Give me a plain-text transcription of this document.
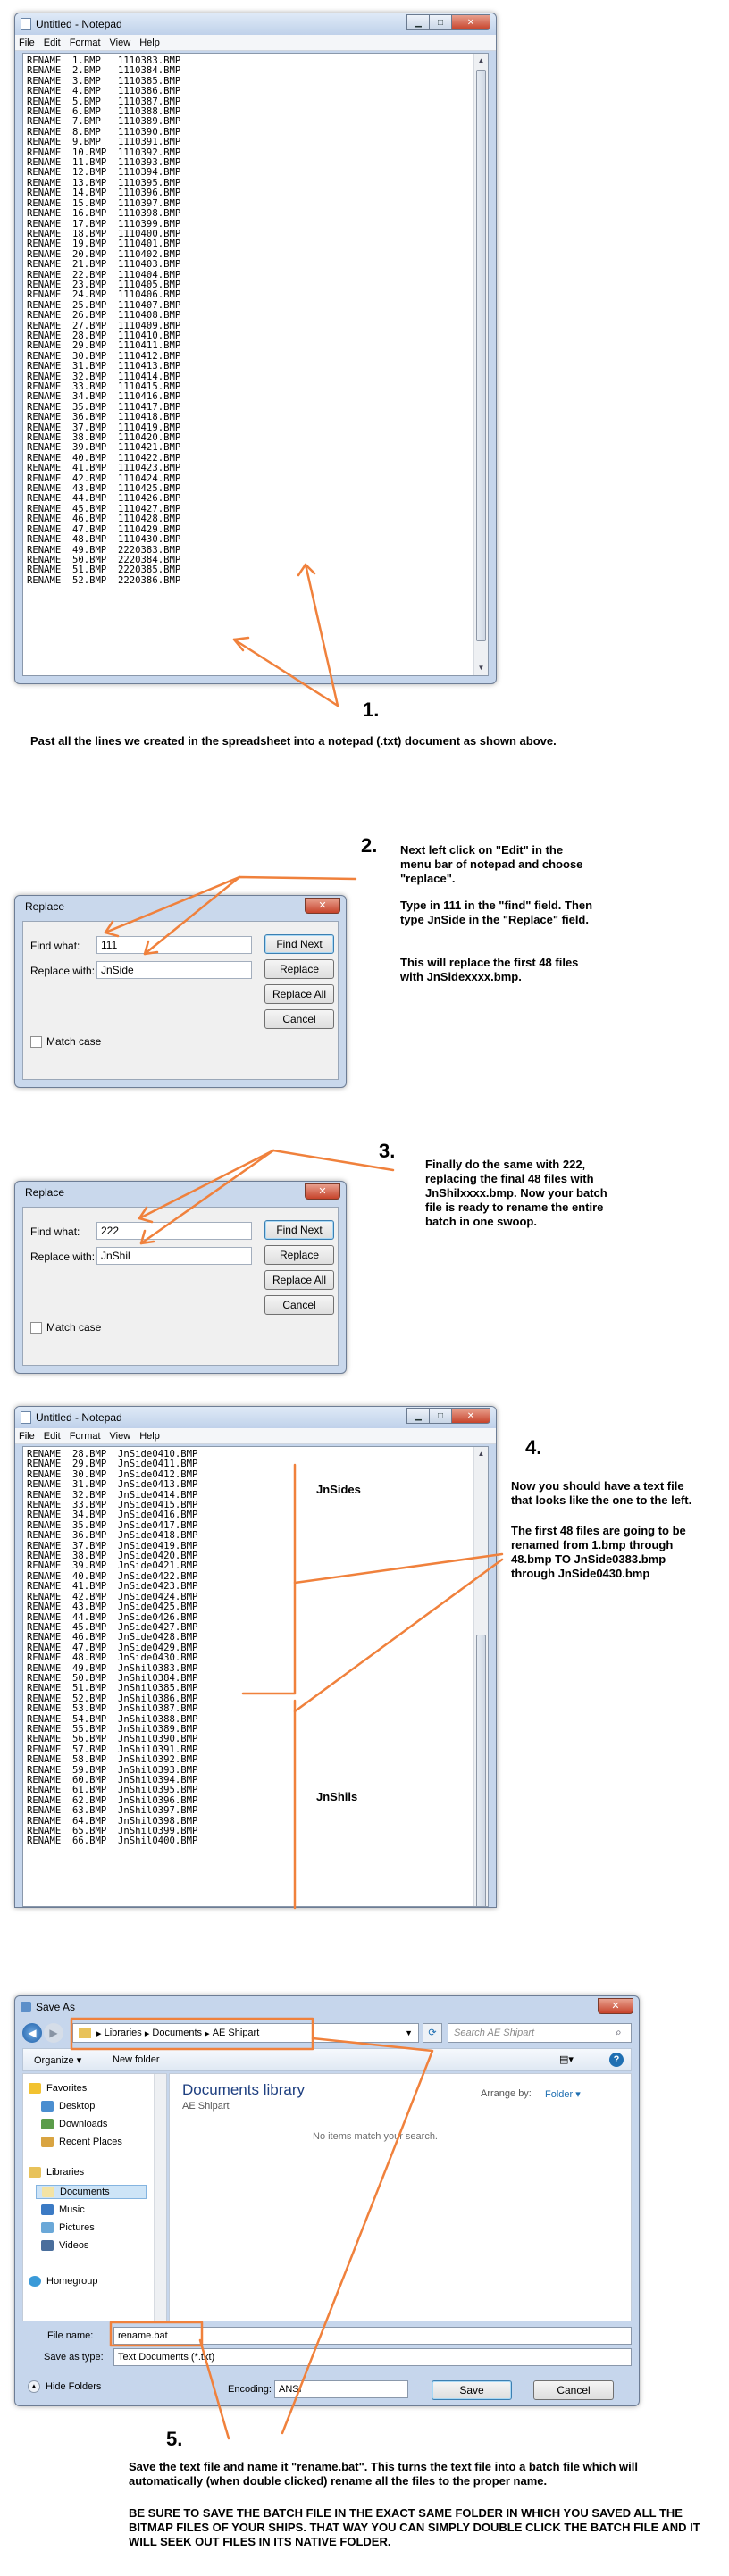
Untitled - Notepad	▁	□	✕
File Edit Format View Help
RENAME  1.BMP   1110383.BMP
RENAME  2.BMP   1110384.BMP
RENAME  3.BMP   1110385.BMP
RENAME  4.BMP   1110386.BMP
RENAME  5.BMP   1110387.BMP
RENAME  6.BMP   1110388.BMP
RENAME  7.BMP   1110389.BMP
RENAME  8.BMP   1110390.BMP
RENAME  9.BMP   1110391.BMP
RENAME  10.BMP  1110392.BMP
RENAME  11.BMP  1110393.BMP
RENAME  12.BMP  1110394.BMP
RENAME  13.BMP  1110395.BMP
RENAME  14.BMP  1110396.BMP
RENAME  15.BMP  1110397.BMP
RENAME  16.BMP  1110398.BMP
RENAME  17.BMP  1110399.BMP
RENAME  18.BMP  1110400.BMP
RENAME  19.BMP  1110401.BMP
RENAME  20.BMP  1110402.BMP
RENAME  21.BMP  1110403.BMP
RENAME  22.BMP  1110404.BMP
RENAME  23.BMP  1110405.BMP
RENAME  24.BMP  1110406.BMP
RENAME  25.BMP  1110407.BMP
RENAME  26.BMP  1110408.BMP
RENAME  27.BMP  1110409.BMP
RENAME  28.BMP  1110410.BMP
RENAME  29.BMP  1110411.BMP
RENAME  30.BMP  1110412.BMP
RENAME  31.BMP  1110413.BMP
RENAME  32.BMP  1110414.BMP
RENAME  33.BMP  1110415.BMP
RENAME  34.BMP  1110416.BMP
RENAME  35.BMP  1110417.BMP
RENAME  36.BMP  1110418.BMP
RENAME  37.BMP  1110419.BMP
RENAME  38.BMP  1110420.BMP
RENAME  39.BMP  1110421.BMP
RENAME  40.BMP  1110422.BMP
RENAME  41.BMP  1110423.BMP
RENAME  42.BMP  1110424.BMP
RENAME  43.BMP  1110425.BMP
RENAME  44.BMP  1110426.BMP
RENAME  45.BMP  1110427.BMP
RENAME  46.BMP  1110428.BMP
RENAME  47.BMP  1110429.BMP
RENAME  48.BMP  1110430.BMP
RENAME  49.BMP  2220383.BMP
RENAME  50.BMP  2220384.BMP
RENAME  51.BMP  2220385.BMP
RENAME  52.BMP  2220386.BMP
▲
▼
1.
Past all the lines we created in the spreadsheet into a notepad (.txt) document as shown above.
2. Next left click on "Edit" in the menu bar of notepad and choose "replace".
Type in 111 in the "find" field. Then type JnSide in the "Replace" field.
This will replace the first 48 files with JnSidexxxx.bmp.
Replace	✕
Find what:	111
Replace with: JnSide
Find Next
Replace
Replace All
Cancel
Match case
3.
Finally do the same with 222, replacing the final 48 files with JnShilxxxx.bmp. Now your batch file is ready to rename the entire batch in one swoop.
Replace	✕
Find what:	222
Replace with: JnShil
Find Next
Replace
Replace All
Cancel
Match case
Untitled - Notepad	▁	□	✕
File Edit Format View Help
RENAME  28.BMP  JnSide0410.BMP
RENAME  29.BMP  JnSide0411.BMP
RENAME  30.BMP  JnSide0412.BMP
RENAME  31.BMP  JnSide0413.BMP
RENAME  32.BMP  JnSide0414.BMP
RENAME  33.BMP  JnSide0415.BMP
RENAME  34.BMP  JnSide0416.BMP
RENAME  35.BMP  JnSide0417.BMP
RENAME  36.BMP  JnSide0418.BMP
RENAME  37.BMP  JnSide0419.BMP
RENAME  38.BMP  JnSide0420.BMP
RENAME  39.BMP  JnSide0421.BMP
RENAME  40.BMP  JnSide0422.BMP
RENAME  41.BMP  JnSide0423.BMP
RENAME  42.BMP  JnSide0424.BMP
RENAME  43.BMP  JnSide0425.BMP
RENAME  44.BMP  JnSide0426.BMP
RENAME  45.BMP  JnSide0427.BMP
RENAME  46.BMP  JnSide0428.BMP
RENAME  47.BMP  JnSide0429.BMP
RENAME  48.BMP  JnSide0430.BMP
RENAME  49.BMP  JnShil0383.BMP
RENAME  50.BMP  JnShil0384.BMP
RENAME  51.BMP  JnShil0385.BMP
RENAME  52.BMP  JnShil0386.BMP
RENAME  53.BMP  JnShil0387.BMP
RENAME  54.BMP  JnShil0388.BMP
RENAME  55.BMP  JnShil0389.BMP
RENAME  56.BMP  JnShil0390.BMP
RENAME  57.BMP  JnShil0391.BMP
RENAME  58.BMP  JnShil0392.BMP
RENAME  59.BMP  JnShil0393.BMP
RENAME  60.BMP  JnShil0394.BMP
RENAME  61.BMP  JnShil0395.BMP
RENAME  62.BMP  JnShil0396.BMP
RENAME  63.BMP  JnShil0397.BMP
RENAME  64.BMP  JnShil0398.BMP
RENAME  65.BMP  JnShil0399.BMP
RENAME  66.BMP  JnShil0400.BMP
▲
JnSides
JnShils
4.
Now you should have a text file that looks like the one to the left.
The first 48 files are going to be renamed from 1.bmp through 48.bmp TO JnSide0383.bmp through JnSide0430.bmp
Save As	✕
◀	▶	▸ Libraries ▸ Documents ▸ AE Shipart	▼	⟳	Search AE Shipart	⌕
Organize ▾	New folder	▤▾	?
Favorites
Desktop
Downloads
Recent Places
Libraries
Documents
Music
Pictures
Videos
Homegroup
Documents library
AE Shipart
Arrange by: Folder ▾
No items match your search.
File name:	rename.bat
Save as type:	Text Documents (*.txt)
▲ Hide Folders	Encoding: ANSI	Save	Cancel
5.
Save the text file and name it "rename.bat". This turns the text file into a batch file which will automatically (when double clicked) rename all the files to the proper name.
BE SURE TO SAVE THE BATCH FILE IN THE EXACT SAME FOLDER IN WHICH YOU SAVED ALL THE BITMAP FILES OF YOUR SHIPS. THAT WAY YOU CAN SIMPLY DOUBLE CLICK THE BATCH FILE AND IT WILL SEEK OUT FILES IN ITS NATIVE FOLDER.
